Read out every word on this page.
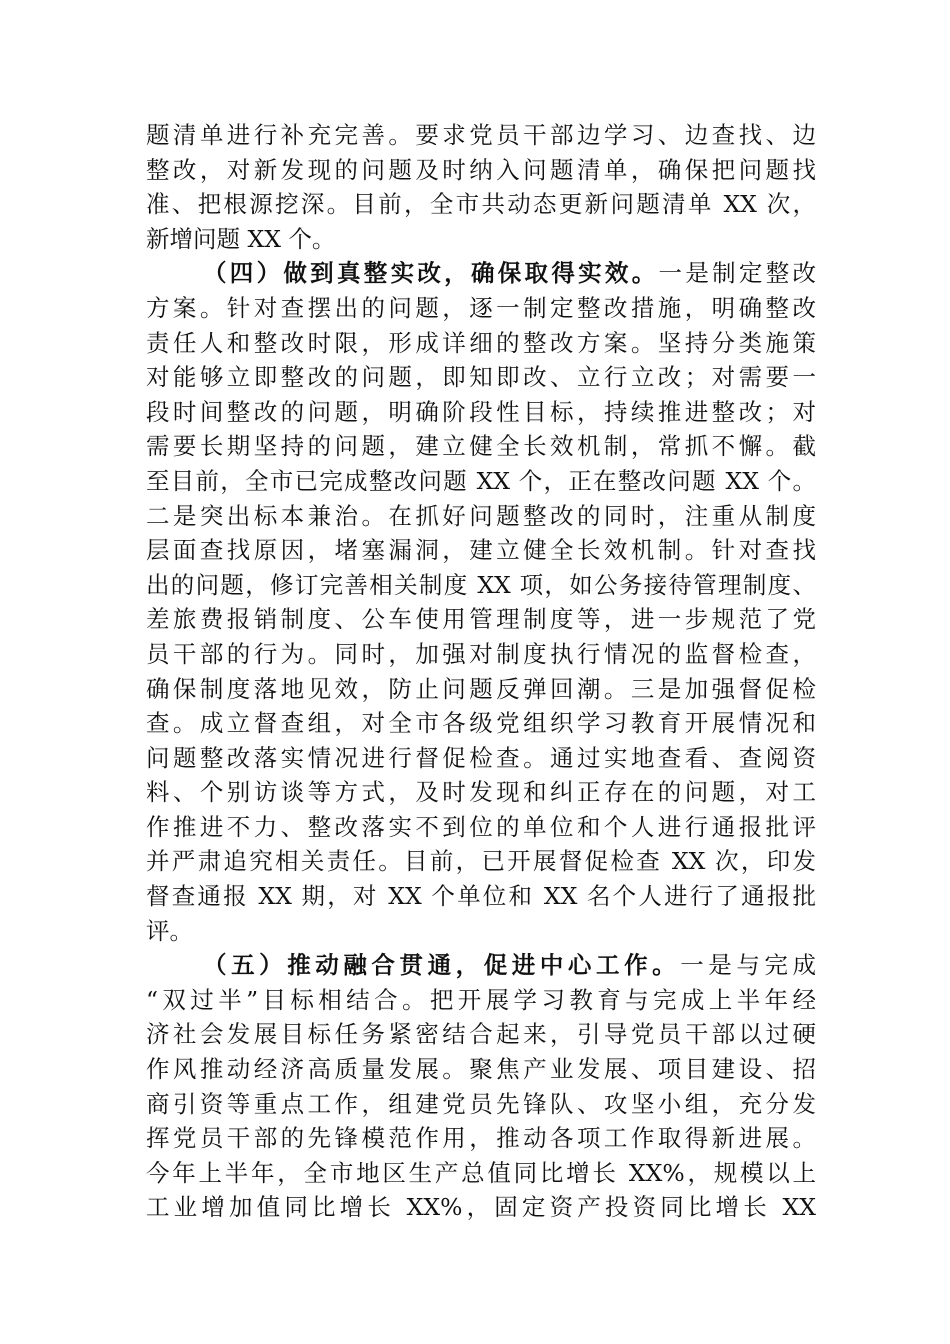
题清单进行补充完善。要求党员干部边学习、边查找、边
整改，对新发现的问题及时纳入问题清单，确保把问题找
准、把根源挖深。目前，全市共动态更新问题清单 XX 次，
新增问题 XX 个。
（四）做到真整实改，确保取得实效。一是制定整改
方案。针对查摆出的问题，逐一制定整改措施，明确整改
责任人和整改时限，形成详细的整改方案。坚持分类施策
对能够立即整改的问题，即知即改、立行立改；对需要一
段时间整改的问题，明确阶段性目标，持续推进整改；对
需要长期坚持的问题，建立健全长效机制，常抓不懈。截
至目前，全市已完成整改问题 XX 个，正在整改问题 XX 个。
二是突出标本兼治。在抓好问题整改的同时，注重从制度
层面查找原因，堵塞漏洞，建立健全长效机制。针对查找
出的问题，修订完善相关制度 XX 项，如公务接待管理制度、
差旅费报销制度、公车使用管理制度等，进一步规范了党
员干部的行为。同时，加强对制度执行情况的监督检查，
确保制度落地见效，防止问题反弹回潮。三是加强督促检
查。成立督查组，对全市各级党组织学习教育开展情况和
问题整改落实情况进行督促检查。通过实地查看、查阅资
料、个别访谈等方式，及时发现和纠正存在的问题，对工
作推进不力、整改落实不到位的单位和个人进行通报批评
并严肃追究相关责任。目前，已开展督促检查 XX 次，印发
督查通报 XX 期，对 XX 个单位和 XX 名个人进行了通报批
评。
（五）推动融合贯通，促进中心工作。一是与完成
“双过半”目标相结合。把开展学习教育与完成上半年经
济社会发展目标任务紧密结合起来，引导党员干部以过硬
作风推动经济高质量发展。聚焦产业发展、项目建设、招
商引资等重点工作，组建党员先锋队、攻坚小组，充分发
挥党员干部的先锋模范作用，推动各项工作取得新进展。
今年上半年，全市地区生产总值同比增长 XX%，规模以上
工业增加值同比增长 XX%，固定资产投资同比增长 XX
